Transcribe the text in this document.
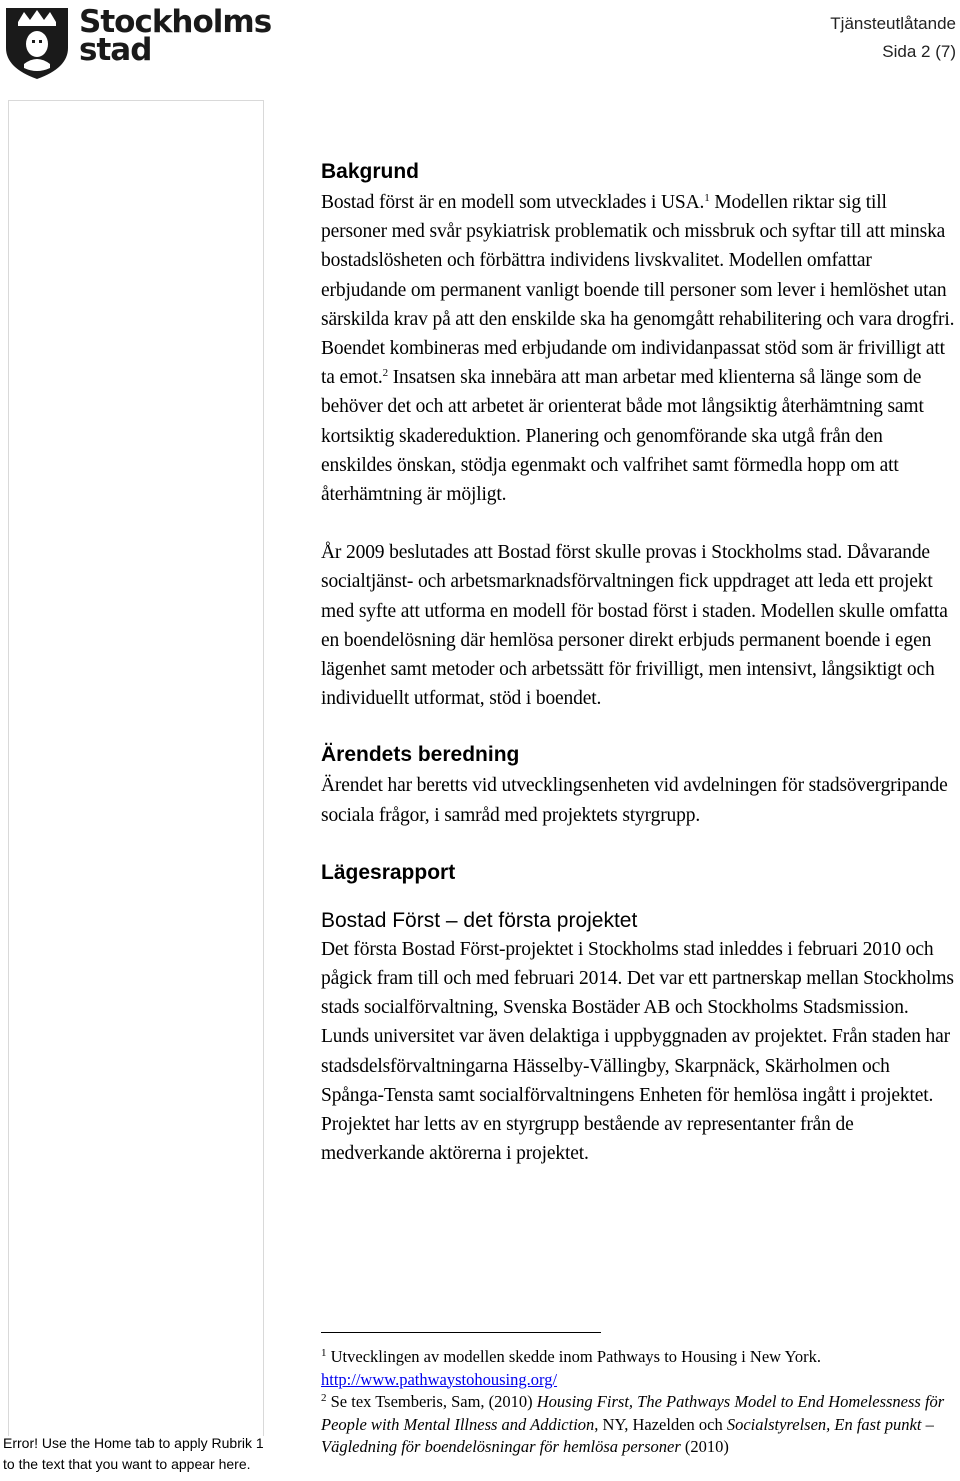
Stockholms
stad
Tjänsteutlåtande
Sida 2 (7)
Bakgrund

Bostad först är en modell som utvecklades i USA.$^1$ Modellen riktar sig till personer med svår psykiatrisk problematik och missbruk och syftar till att minska bostadslösheten och förbättra individens livskvalitet. Modellen omfattar erbjudande om permanent vanligt boende till personer som lever i hemlöshet utan särskilda krav på att den enskilde ska ha genomgått rehabilitering och vara drogfri. Boendet kombineras med erbjudande om individanpassat stöd som är frivilligt att ta emot.$^2$ Insatsen ska innebära att man arbetar med klienterna så länge som de behöver det och att arbetet är orienterat både mot långsiktig återhämtning samt kortsiktig skadereduktion. Planering och genomförande ska utgå från den enskildes önskan, stödja egenmakt och valfrihet samt förmedla hopp om att återhämtning är möjligt.

År 2009 beslutades att Bostad först skulle provas i Stockholms stad. Dåvarande socialtjänst- och arbetsmarknadsförvaltningen fick uppdraget att leda ett projekt med syfte att utforma en modell för bostad först i staden. Modellen skulle omfatta en boendelösning där hemlösa personer direkt erbjuds permanent boende i egen lägenhet samt metoder och arbetssätt för frivilligt, men intensivt, långsiktigt och individuellt utformat, stöd i boendet.

Ärendets beredning

Ärendet har beretts vid utvecklingsenheten vid avdelningen för stadsövergripande sociala frågor, i samråd med projektets styrgrupp.

Lägesrapport
Bostad Först – det första projektet

Det första Bostad Först-projektet i Stockholms stad inleddes i februari 2010 och pågick fram till och med februari 2014. Det var ett partnerskap mellan Stockholms stads socialförvaltning, Svenska Bostäder AB och Stockholms Stadsmission. Lunds universitet var även delaktiga i uppbyggnaden av projektet. Från staden har stadsdelsförvaltningarna Hässelby-Vällingby, Skarpnäck, Skärholmen och Spånga-Tensta samt socialförvaltningens Enheten för hemlösa ingått i projektet. Projektet har letts av en styrgrupp bestående av representanter från de medverkande aktörerna i projektet.

$^1$ Utvecklingen av modellen skedde inom Pathways to Housing i New York.
http://www.pathwaystohousing.org/

$^2$ Se tex Tsemberis, Sam, (2010) Housing First, The Pathways Model to End Homelessness för People with Mental Illness and Addiction, NY, Hazelden och Socialstyrelsen, En fast punkt – Vägledning för boendelösningar för hemlösa personer (2010)

Error! Use the Home tab to apply Rubrik 1
to the text that you want to appear here.
